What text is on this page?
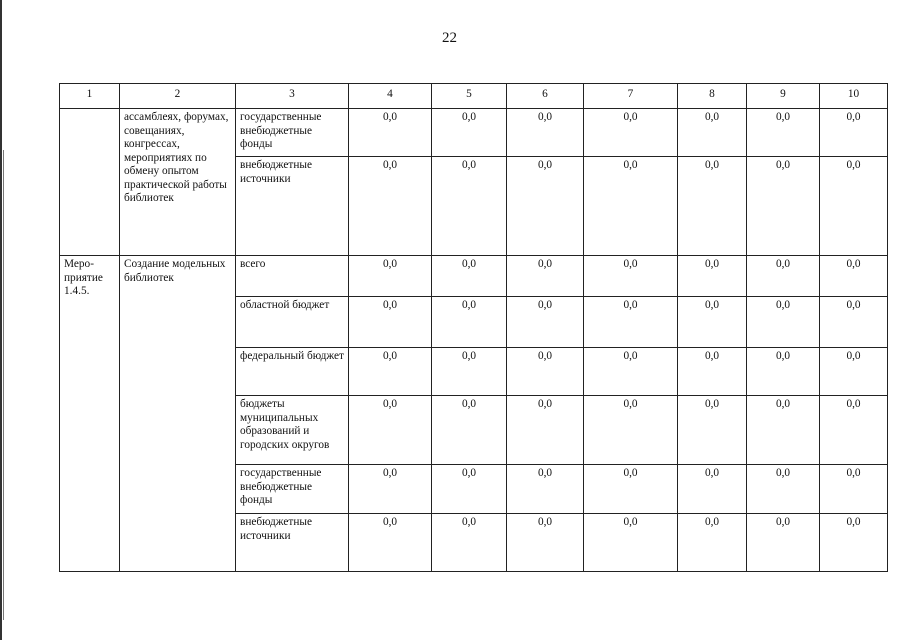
22
1	2	3	4	5	6	7	8	9	10
	ассамблеях, форумах, совещаниях, конгрессах, мероприятиях по обмену опытом практической работы библиотек	государственные внебюджетные фонды	0,0	0,0	0,0	0,0	0,0	0,0	0,0
		внебюджетные источники	0,0	0,0	0,0	0,0	0,0	0,0	0,0
Меро-приятие 1.4.5.	Создание модельных библиотек	всего	0,0	0,0	0,0	0,0	0,0	0,0	0,0
		областной бюджет	0,0	0,0	0,0	0,0	0,0	0,0	0,0
		федеральный бюджет	0,0	0,0	0,0	0,0	0,0	0,0	0,0
		бюджеты муниципальных образований и городских округов	0,0	0,0	0,0	0,0	0,0	0,0	0,0
		государственные внебюджетные фонды	0,0	0,0	0,0	0,0	0,0	0,0	0,0
		внебюджетные источники	0,0	0,0	0,0	0,0	0,0	0,0	0,0
